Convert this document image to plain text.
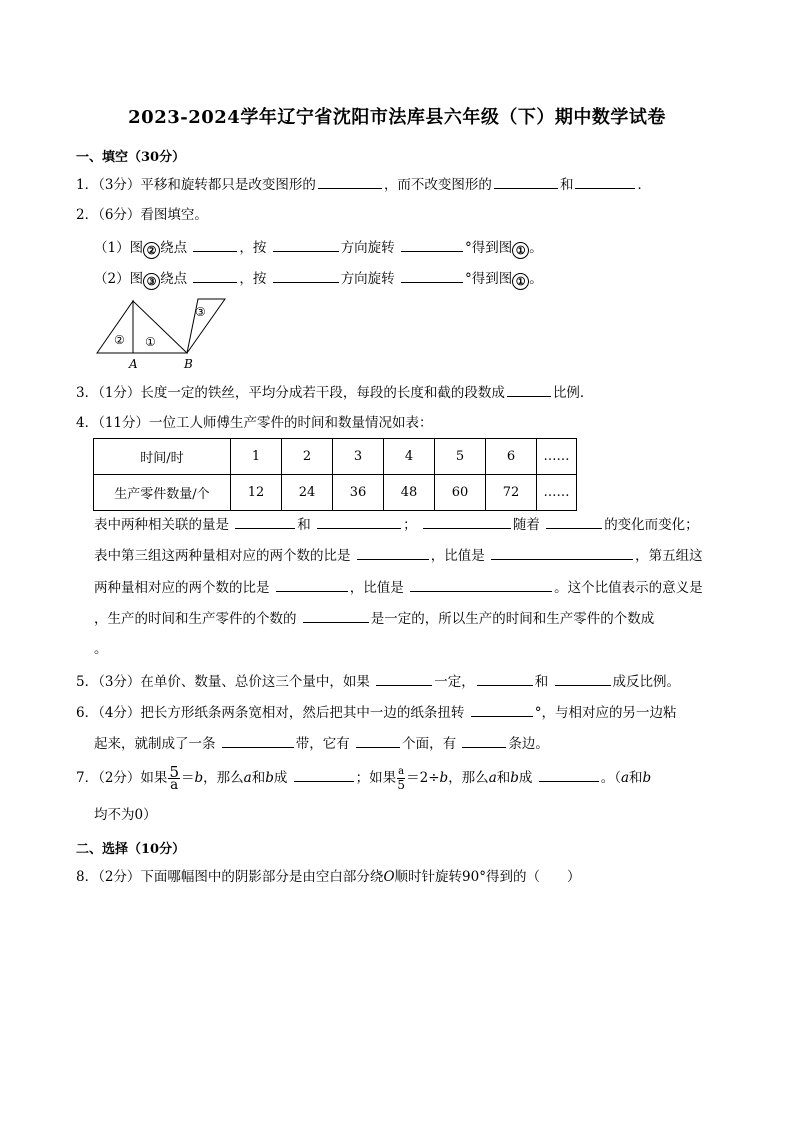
2023-2024学年辽宁省沈阳市法库县六年级（下）期中数学试卷
一、填空（30分）
1．（3分）平移和旋转都只是改变图形的	，而不改变图形的	和	．
2．（6分）看图填空。
（1）图 ② 绕点	，按	方向旋转	°得到图 ① 。
（2）图 ③ 绕点	，按	方向旋转	°得到图 ① 。
② ①
③
A	B
3．（1分）长度一定的铁丝，平均分成若干段，每段的长度和截的段数成	比例．
4．（11分）一位工人师傅生产零件的时间和数量情况如表：
时间/时	1	2	3	4	5	6	……
生产零件数量/个	12	24	36	48	60	72	……
表中两种相关联的量是	和	；	随着	的变化而变化；
表中第三组这两种量相对应的两个数的比是	，比值是	，第五组这
两种量相对应的两个数的比是	，比值是	。这个比值表示的意义是
，生产的时间和生产零件的个数的	是一定的，所以生产的时间和生产零件的个数成
。
5．（3分）在单价、数量、总价这三个量中，如果	一定，	和	成反比例。
6．（4分）把长方形纸条两条宽相对，然后把其中一边的纸条扭转	°，与相对应的另一边粘
起来，就制成了一条	带，它有	个面，有	条边。
7．（2分）如果 $\frac{5}{a} =b$，那么a和b成	；如果 $\frac{a}{5} =2\div b$，那么a和b成	。（a和b
均不为0）
二、选择（10分）
8．（2分）下面哪幅图中的阴影部分是由空白部分绕O顺时针旋转90°得到的（　　）
